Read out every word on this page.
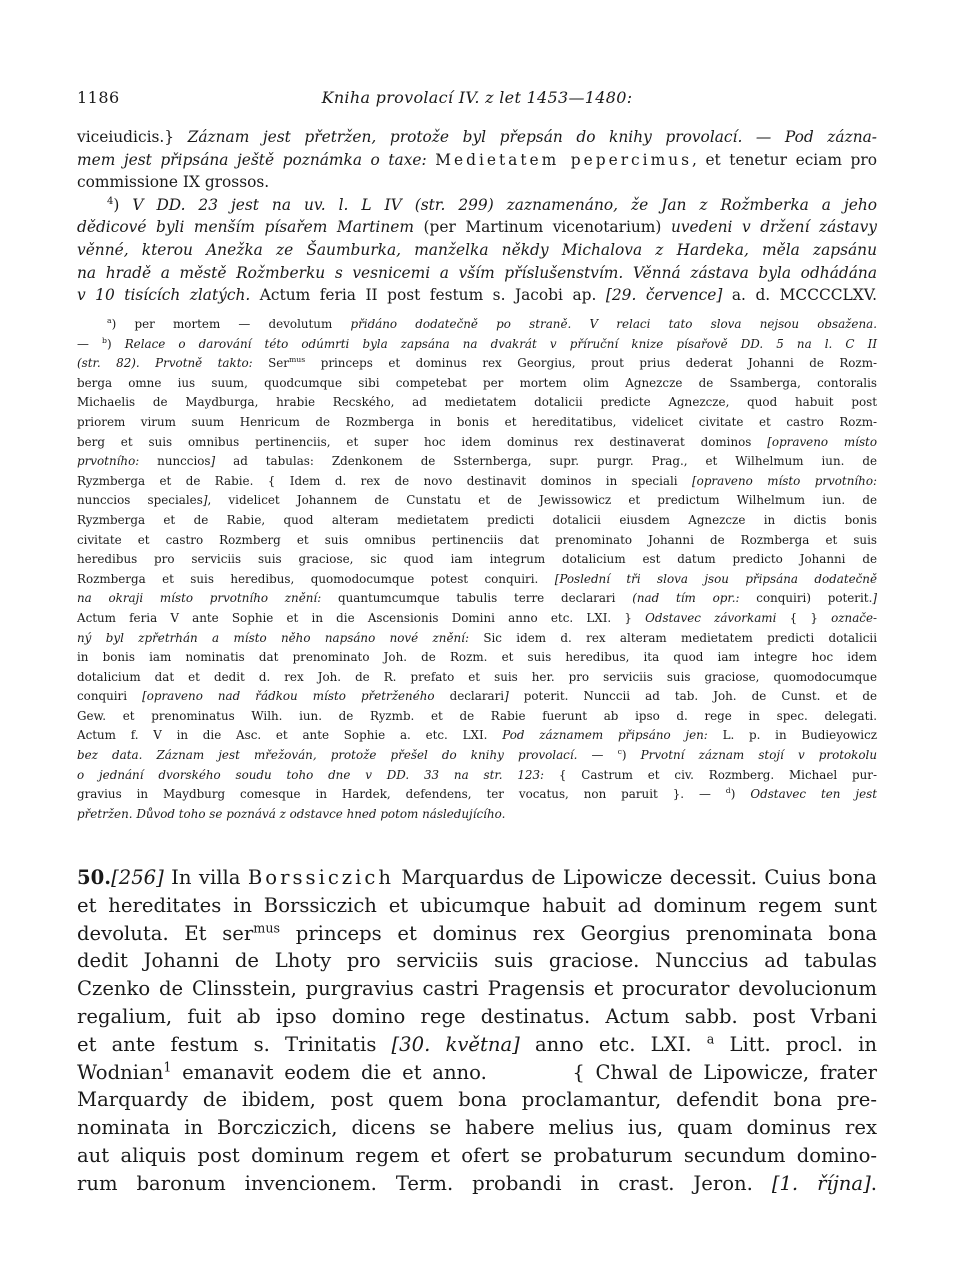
1186	Kniha provolací IV. z let 1453—1480:
viceiudicis.} Záznam jest přetržen, protože byl přepsán do knihy provolací. — Pod zázna-
mem jest připsána ještě poznámka o taxe: Medietatem pepercimus, et tenetur eciam pro
commissione IX grossos.
$^4$) V DD. 23 jest na uv. l. L IV (str. 299) zaznamenáno, že Jan z Rožmberka a jeho
dědicové byli menším písařem Martinem (per Martinum vicenotarium) uvedeni v držení zástavy
věnné, kterou Anežka ze Šaumburka, manželka někdy Michalova z Hardeka, měla zapsánu
na hradě a městě Rožmberku s vesnicemi a vším příslušenstvím. Věnná zástava byla odhádána
v 10 tisících zlatých. Actum feria II post festum s. Jacobi ap. [29. července] a. d. MCCCCLXV.
$^a$) per mortem — devolutum přidáno dodatečně po straně. V relaci tato slova nejsou obsažena.
— $^b$) Relace o darování této odúmrti byla zapsána na dvakrát v příruční knize písařově DD. 5 na l. C II
(str. 82). Prvotně takto: Ser$^{mus}$ princeps et dominus rex Georgius, prout prius dederat Johanni de Rozm-
berga omne ius suum, quodcumque sibi competebat per mortem olim Agnezcze de Ssamberga, contoralis
Michaelis de Maydburga, hrabie Recského, ad medietatem dotalicii predicte Agnezcze, quod habuit post
priorem virum suum Henricum de Rozmberga in bonis et hereditatibus, videlicet civitate et castro Rozm-
berg et suis omnibus pertinenciis, et super hoc idem dominus rex destinaverat dominos [opraveno místo
prvotního: nunccios] ad tabulas: Zdenkonem de Ssternberga, supr. purgr. Prag., et Wilhelmum iun. de
Ryzmberga et de Rabie. { Idem d. rex de novo destinavit dominos in speciali [opraveno místo prvotního:
nunccios speciales], videlicet Johannem de Cunstatu et de Jewissowicz et predictum Wilhelmum iun. de
Ryzmberga et de Rabie, quod alteram medietatem predicti dotalicii eiusdem Agnezcze in dictis bonis
civitate et castro Rozmberg et suis omnibus pertinenciis dat prenominato Johanni de Rozmberga et suis
heredibus pro serviciis suis graciose, sic quod iam integrum dotalicium est datum predicto Johanni de
Rozmberga et suis heredibus, quomodocumque potest conquiri. [Poslední tři slova jsou připsána dodatečně
na okraji místo prvotního znění: quantumcumque tabulis terre declarari (nad tím opr.: conquiri) poterit.]
Actum feria V ante Sophie et in die Ascensionis Domini anno etc. LXI. } Odstavec závorkami { } označe-
ný byl zpřetrhán a místo něho napsáno nové znění: Sic idem d. rex alteram medietatem predicti dotalicii
in bonis iam nominatis dat prenominato Joh. de Rozm. et suis heredibus, ita quod iam integre hoc idem
dotalicium dat et dedit d. rex Joh. de R. prefato et suis her. pro serviciis suis graciose, quomodocumque
conquiri [opraveno nad řádkou místo přetrženého declarari] poterit. Nunccii ad tab. Joh. de Cunst. et de
Gew. et prenominatus Wilh. iun. de Ryzmb. et de Rabie fuerunt ab ipso d. rege in spec. delegati.
Actum f. V in die Asc. et ante Sophie a. etc. LXI. Pod záznamem připsáno jen: L. p. in Budieyowicz
bez data. Záznam jest mřežován, protože přešel do knihy provolací. — $^c$) Prvotní záznam stojí v protokolu
o jednání dvorského soudu toho dne v DD. 33 na str. 123: { Castrum et civ. Rozmberg. Michael pur-
gravius in Maydburg comesque in Hardek, defendens, ter vocatus, non paruit }. — $^d$) Odstavec ten jest
přetržen. Důvod toho se poznává z odstavce hned potom následujícího.
50.[256] In villa Borssiczich Marquardus de Lipowicze decessit. Cuius bona
et hereditates in Borssiczich et ubicumque habuit ad dominum regem sunt
devoluta. Et ser$^{mus}$ princeps et dominus rex Georgius prenominata bona
dedit Johanni de Lhoty pro serviciis suis graciose. Nunccius ad tabulas
Czenko de Clinsstein, purgravius castri Pragensis et procurator devolucionum
regalium, fuit ab ipso domino rege destinatus. Actum sabb. post Vrbani
et ante festum s. Trinitatis [30. května] anno etc. LXI. $^a$ Litt. procl. in
Wodnian$^1$ emanavit eodem die et anno.        { Chwal de Lipowicze, frater
Marquardy de ibidem, post quem bona proclamantur, defendit bona pre-
nominata in Borcziczich, dicens se habere melius ius, quam dominus rex
aut aliquis post dominum regem et ofert se probaturum secundum domino-
rum baronum invencionem. Term. probandi in crast. Jeron. [1. října].
